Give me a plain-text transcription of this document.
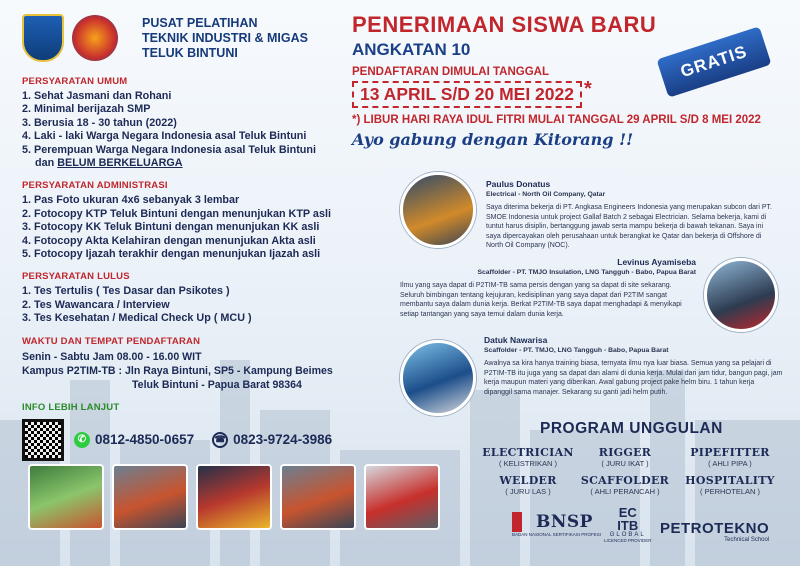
PUSAT PELATIHAN
TEKNIK INDUSTRI & MIGAS
TELUK BINTUNI
PERSYARATAN UMUM
1. Sehat Jasmani dan Rohani
2. Minimal berijazah SMP
3. Berusia 18 - 30 tahun (2022)
4. Laki - laki Warga Negara Indonesia asal Teluk Bintuni
5. Perempuan Warga Negara Indonesia asal Teluk Bintuni
dan BELUM BERKELUARGA
PERSYARATAN ADMINISTRASI
1. Pas Foto ukuran 4x6 sebanyak 3 lembar
2. Fotocopy KTP Teluk Bintuni dengan menunjukan KTP asli
3. Fotocopy KK Teluk Bintuni dengan menunjukan KK asli
4. Fotocopy Akta Kelahiran dengan menunjukan Akta asli
5. Fotocopy Ijazah terakhir dengan menunjukan Ijazah asli
PERSYARATAN LULUS
1. Tes Tertulis ( Tes Dasar dan Psikotes )
2. Tes Wawancara / Interview
3. Tes Kesehatan / Medical Check Up ( MCU )
WAKTU DAN TEMPAT PENDAFTARAN
Senin - Sabtu Jam 08.00 - 16.00 WIT
Kampus P2TIM-TB : Jln Raya Bintuni, SP5 - Kampung Beimes
Teluk Bintuni - Papua Barat 98364
INFO LEBIH LANJUT
✆ 0812-4850-0657 ☎ 0823-9724-3986
PENERIMAAN SISWA BARU
ANGKATAN 10
PENDAFTARAN DIMULAI TANGGAL
13 APRIL S/D 20 MEI 2022 *
*) LIBUR HARI RAYA IDUL FITRI MULAI TANGGAL 29 APRIL S/D 8 MEI 2022
Ayo gabung dengan Kitorang !!
GRATIS
Paulus Donatus
Electrical - North Oil Company, Qatar
Saya diterima bekerja di PT. Angkasa Engineers Indonesia yang merupakan subcon dari PT. SMOE Indonesia untuk project Gallaf Batch 2 sebagai Electrician. Selama bekerja, kami di tuntut harus disiplin, bertanggung jawab serta mampu bekerja di bawah tekanan. Saya ini saya dipercayakan oleh perusahaan untuk berangkat ke Qatar dan bekerja di Offshore di North Oil Company (NOC).
Levinus Ayamiseba
Scaffolder - PT. TMJO Insulation, LNG Tangguh - Babo, Papua Barat
Ilmu yang saya dapat di P2TIM-TB sama persis dengan yang sa dapat di site sekarang. Seluruh bimbingan tentang kejujuran, kedisiplinan yang saya dapat dari P2TIM sangat membantu saya dalam dunia kerja. Berkat P2TIM-TB saya dapat menghadapi & menyikapi setiap tantangan yang saya temui dalam dunia kerja.
Datuk Nawarisa
Scaffolder - PT. TMJO, LNG Tangguh - Babo, Papua Barat
Awalnya sa kira hanya training biasa, ternyata ilmu nya luar biasa. Semua yang sa pelajari di P2TIM-TB itu juga yang sa dapat dan alami di dunia kerja. Mulai dari jam tidur, bangun pagi, jam kerja maupun materi yang diberikan. Awal gabung project pake helm biru. 1 tahun kerja dipanggil sama manajer. Sekarang su ganti jadi helm putih.
PROGRAM UNGGULAN
ELECTRICIAN
( KELISTRIKAN )
RIGGER
( JURU IKAT )
PIPEFITTER
( AHLI PIPA )
WELDER
( JURU LAS )
SCAFFOLDER
( AHLI PERANCAH )
HOSPITALITY
( PERHOTELAN )
BNSP
BADAN NASIONAL SERTIFIKASI PROFESI
EC
ITB
GLOBAL
LICENCED PROVIDER
PETROTEKNO
Technical School
